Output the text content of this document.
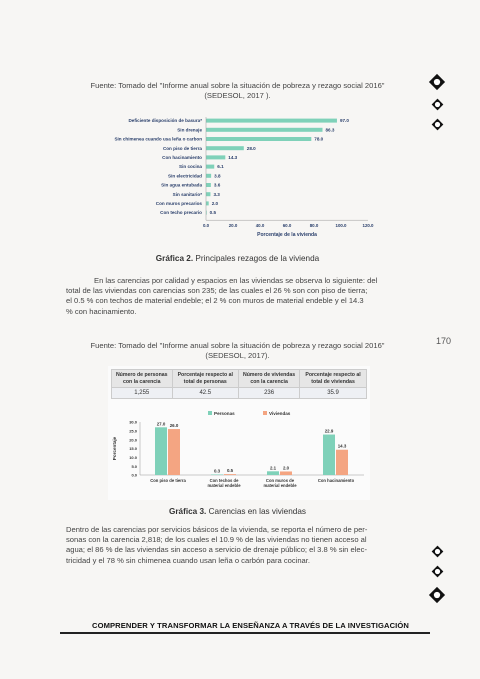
Fuente: Tomado del "Informe anual sobre la situación de pobreza y rezago social 2016"
(SEDESOL, 2017 ).
Deficiente disposición de basura*	97.0
Sin drenaje	86.3
Sin chimenea cuando usa leña o carbon	78.0
Con piso de tierra	28.0
Con hacinamiento	14.3
Sin cocina	6.1
Sin electricidad	3.8
Sin agua entubada	3.6
Sin sanitario* 3.3
Con muros precarios 2.0
Con techo precario 0.5
0.0	20.0	40.0	60.0	80.0	100.0	120.0
Porcentaje de la vivienda
Gráfica 2. Principales rezagos de la vivienda
En las carencias por calidad y espacios en las viviendas se observa lo siguiente: del
total de las viviendas con carencias son 235; de las cuales el 26 % son con piso de tierra;
el 0.5 % con techos de material endeble; el 2 % con muros de material endeble y el 14.3
% con hacinamiento.
170
Fuente: Tomado del "Informe anual sobre la situación de pobreza y rezago social 2016"
(SEDESOL, 2017).
Número de personas con la carencia	Porcentaje respecto al total de personas	Número de viviendas con la carencia	Porcentaje respecto al total de viviendas
1,255	42.5	236	35.9
Personas	Viviendas
0.0
5.0
10.0
15.0
20.0
25.0
30.0
Porcentaje
27.0 26.0
Con piso de tierra
0.3 0.5
Con techos de
material endeble
2.1 2.0
Con muros de
material endeble
22.9
14.3
Con hacinamiento
Gráfica 3. Carencias en las viviendas
Dentro de las carencias por servicios básicos de la vivienda, se reporta el número de per-
sonas con la carencia 2,818; de los cuales el 10.9 % de las viviendas no tienen acceso al
agua; el 86 % de las viviendas sin acceso a servicio de drenaje público; el 3.8 % sin elec-
tricidad y el 78 % sin chimenea cuando usan leña o carbón para cocinar.
COMPRENDER Y TRANSFORMAR LA ENSEÑANZA A TRAVÉS DE LA INVESTIGACIÓN
